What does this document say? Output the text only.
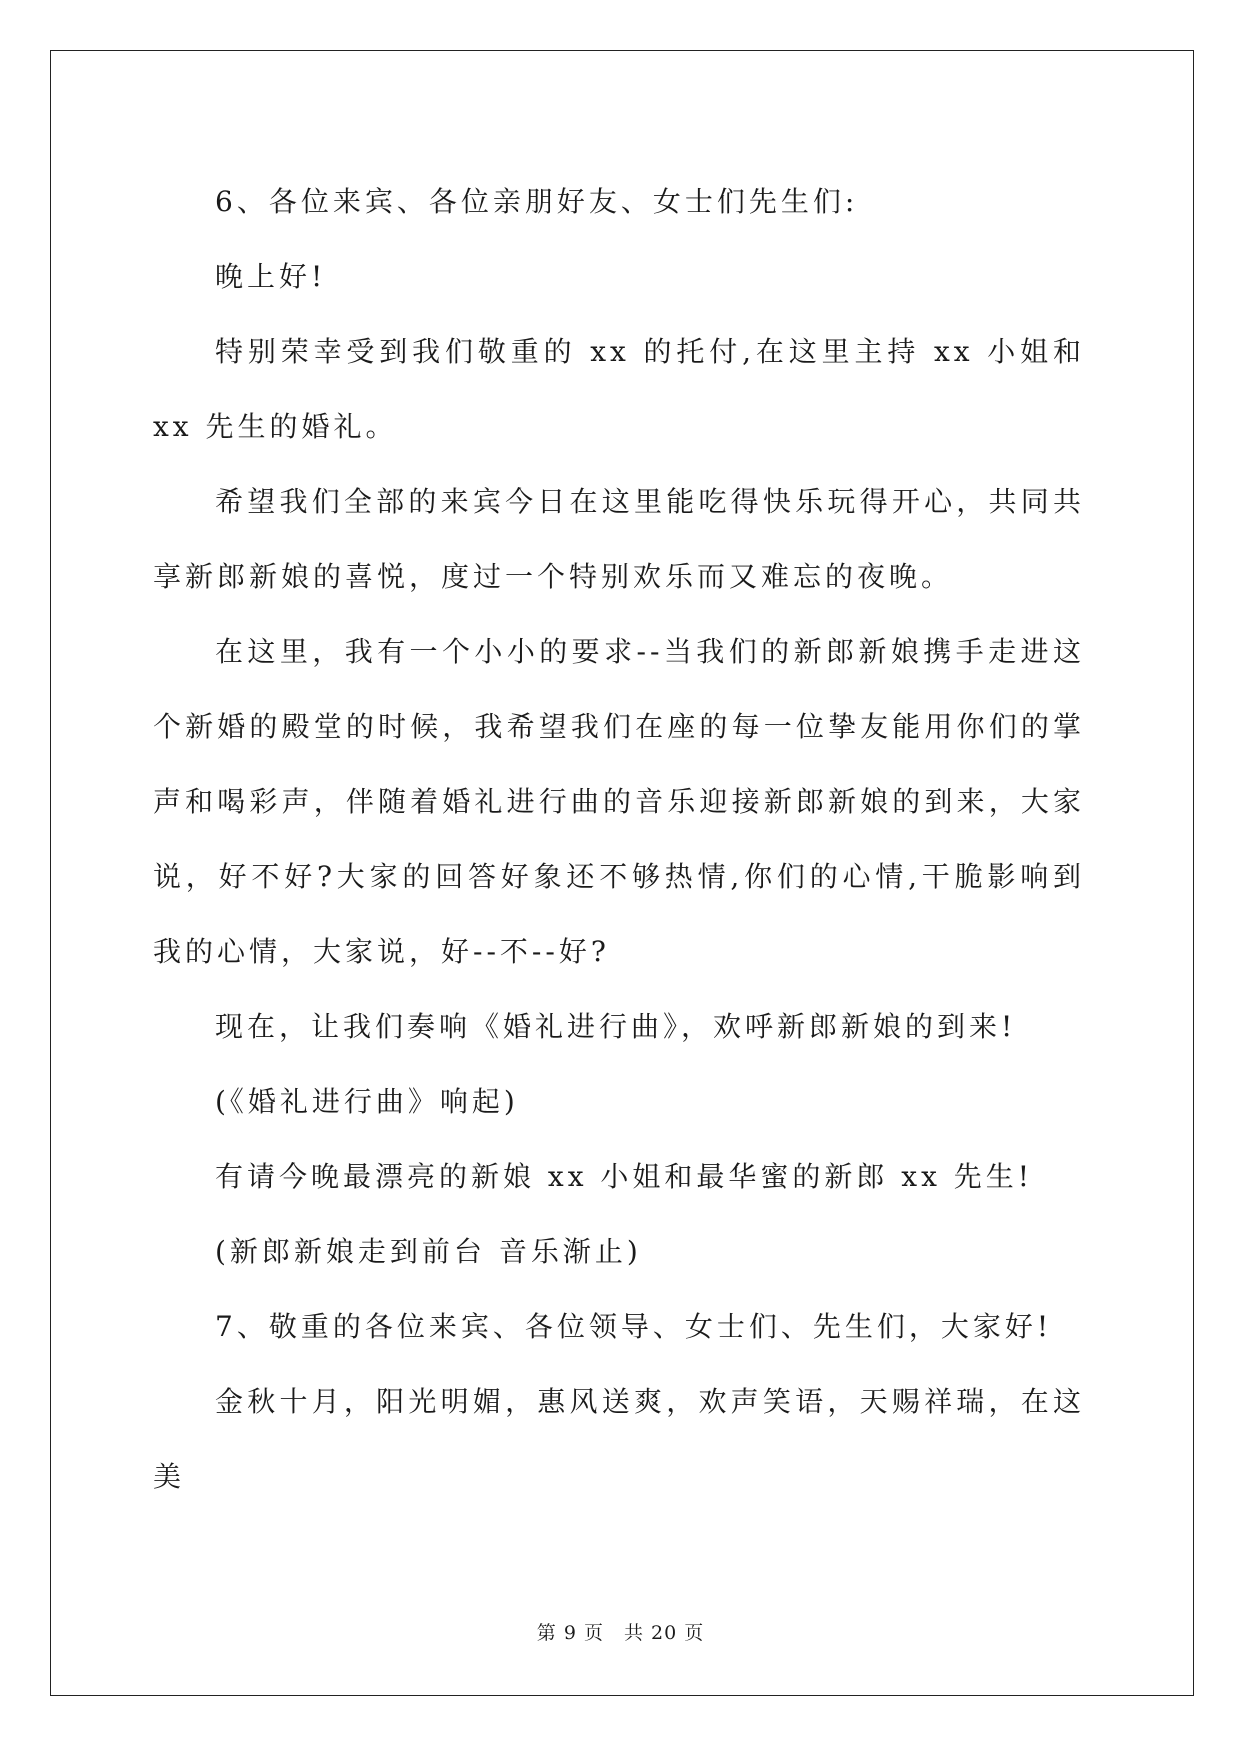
6、各位来宾、各位亲朋好友、女士们先生们:

晚上好!

特别荣幸受到我们敬重的 xx 的托付,在这里主持 xx 小姐和 xx 先生的婚礼。

希望我们全部的来宾今日在这里能吃得快乐玩得开心，共同共享新郎新娘的喜悦，度过一个特别欢乐而又难忘的夜晚。

在这里，我有一个小小的要求--当我们的新郎新娘携手走进这个新婚的殿堂的时候，我希望我们在座的每一位挚友能用你们的掌声和喝彩声，伴随着婚礼进行曲的音乐迎接新郎新娘的到来，大家说，好不好?大家的回答好象还不够热情,你们的心情,干脆影响到我的心情，大家说，好--不--好?

现在，让我们奏响《婚礼进行曲》，欢呼新郎新娘的到来!

(《婚礼进行曲》响起)

有请今晚最漂亮的新娘 xx 小姐和最华蜜的新郎 xx 先生!

(新郎新娘走到前台 音乐渐止)

7、敬重的各位来宾、各位领导、女士们、先生们，大家好!

金秋十月，阳光明媚，惠风送爽，欢声笑语，天赐祥瑞，在这美

第 9 页　共 20 页
